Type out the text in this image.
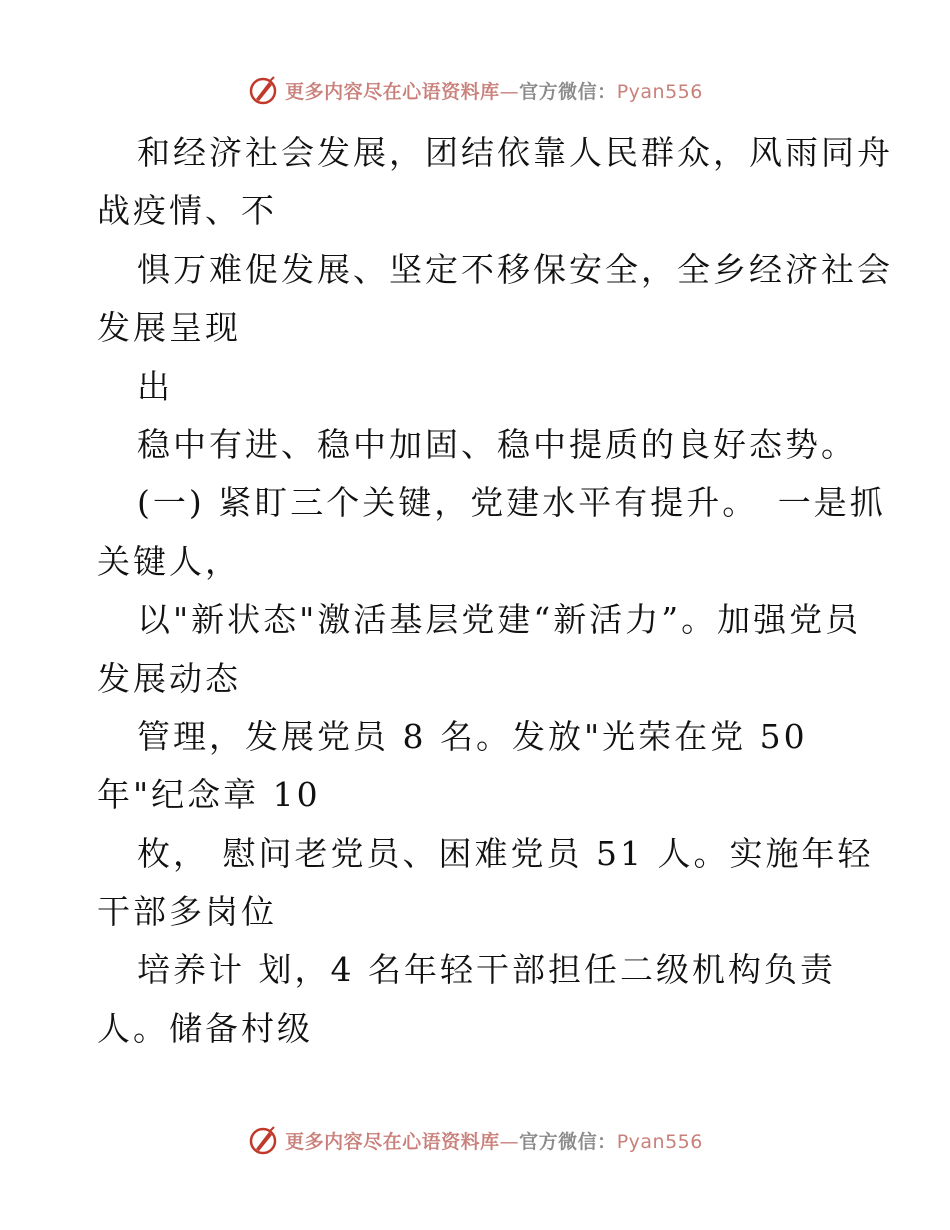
更多内容尽在心语资料库—官方微信：Pyan556
和经济社会发展，团结依靠人民群众，风雨同舟
战疫情、不
惧万难促发展、坚定不移保安全，全乡经济社会
发展呈现
出
稳中有进、稳中加固、稳中提质的良好态势。
(一) 紧盯三个关键，党建水平有提升。　一是抓
关键人，
以"新状态"激活基层党建“新活力”。加强党员
发展动态
管理，发展党员 8 名。发放"光荣在党 50
年"纪念章 10
枚， 慰问老党员、困难党员 51 人。实施年轻
干部多岗位
培养计 划，4 名年轻干部担任二级机构负责
人。储备村级
更多内容尽在心语资料库—官方微信：Pyan556
